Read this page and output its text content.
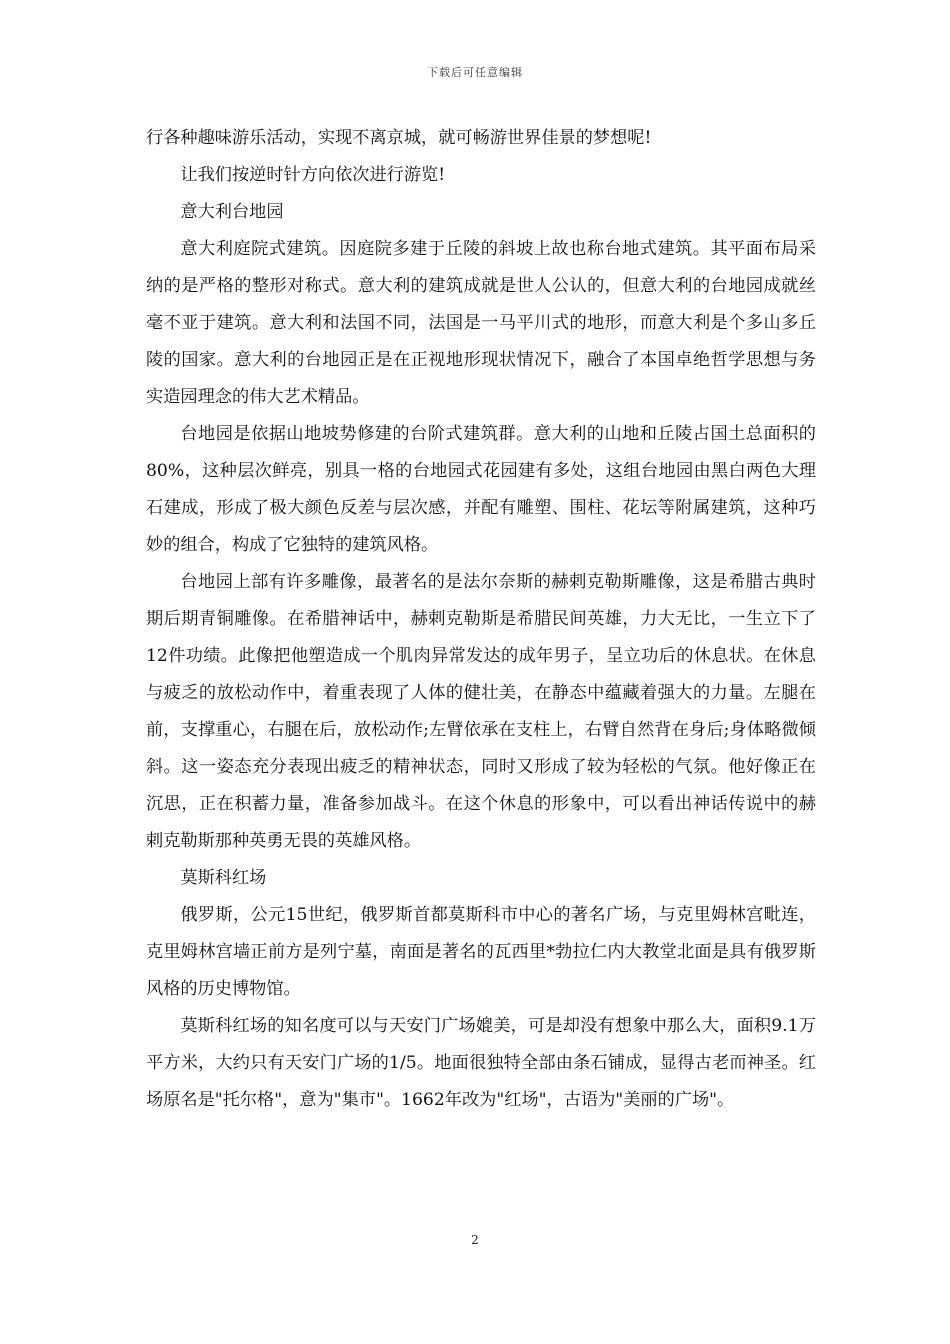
下载后可任意编辑

行各种趣味游乐活动，实现不离京城，就可畅游世界佳景的梦想呢!

让我们按逆时针方向依次进行游览!

意大利台地园

意大利庭院式建筑。因庭院多建于丘陵的斜坡上故也称台地式建筑。其平面布局采纳的是严格的整形对称式。意大利的建筑成就是世人公认的，但意大利的台地园成就丝毫不亚于建筑。意大利和法国不同，法国是一马平川式的地形，而意大利是个多山多丘陵的国家。意大利的台地园正是在正视地形现状情况下，融合了本国卓绝哲学思想与务实造园理念的伟大艺术精品。

台地园是依据山地坡势修建的台阶式建筑群。意大利的山地和丘陵占国土总面积的80%，这种层次鲜亮，别具一格的台地园式花园建有多处，这组台地园由黑白两色大理石建成，形成了极大颜色反差与层次感，并配有雕塑、围柱、花坛等附属建筑，这种巧妙的组合，构成了它独特的建筑风格。

台地园上部有许多雕像，最著名的是法尔奈斯的赫剌克勒斯雕像，这是希腊古典时期后期青铜雕像。在希腊神话中，赫剌克勒斯是希腊民间英雄，力大无比，一生立下了12件功绩。此像把他塑造成一个肌肉异常发达的成年男子，呈立功后的休息状。在休息与疲乏的放松动作中，着重表现了人体的健壮美，在静态中蕴藏着强大的力量。左腿在前，支撑重心，右腿在后，放松动作;左臂依承在支柱上，右臂自然背在身后;身体略微倾斜。这一姿态充分表现出疲乏的精神状态，同时又形成了较为轻松的气氛。他好像正在沉思，正在积蓄力量，准备参加战斗。在这个休息的形象中，可以看出神话传说中的赫剌克勒斯那种英勇无畏的英雄风格。

莫斯科红场

俄罗斯，公元15世纪，俄罗斯首都莫斯科市中心的著名广场，与克里姆林宫毗连，克里姆林宫墙正前方是列宁墓，南面是著名的瓦西里*勃拉仁内大教堂北面是具有俄罗斯风格的历史博物馆。

莫斯科红场的知名度可以与天安门广场媲美，可是却没有想象中那么大，面积9.1万平方米，大约只有天安门广场的1/5。地面很独特全部由条石铺成，显得古老而神圣。红场原名是"托尔格"，意为"集市"。1662年改为"红场"，古语为"美丽的广场"。

2
